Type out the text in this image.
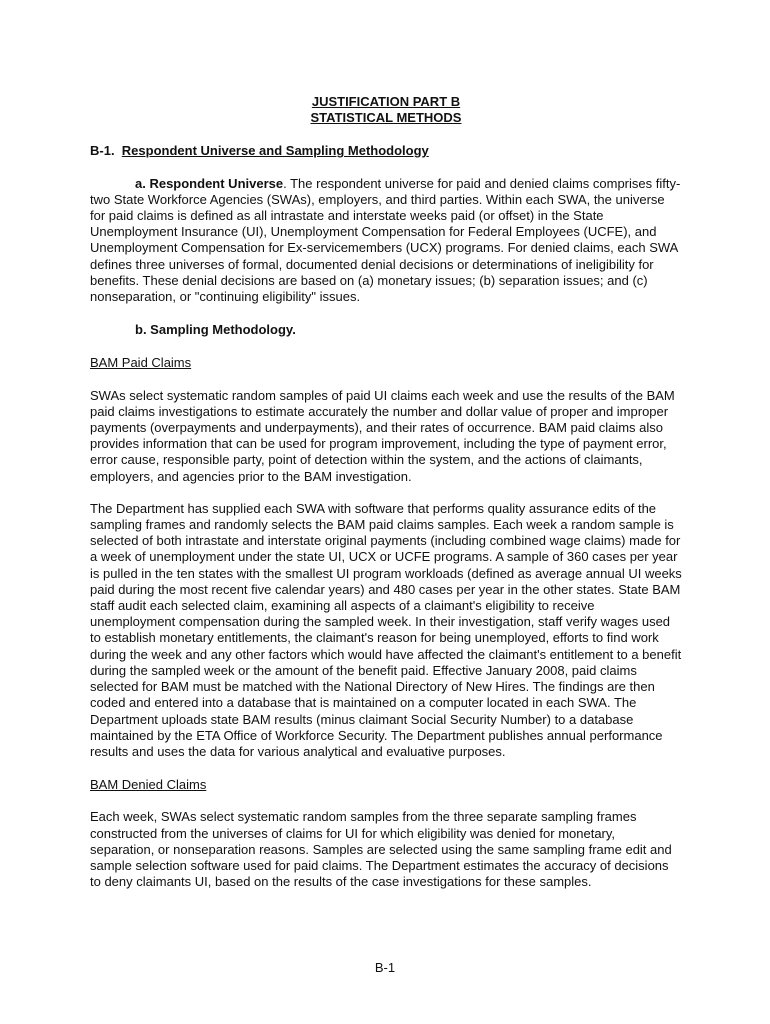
JUSTIFICATION PART B
STATISTICAL METHODS
B-1. Respondent Universe and Sampling Methodology

a. Respondent Universe. The respondent universe for paid and denied claims comprises fifty-two State Workforce Agencies (SWAs), employers, and third parties. Within each SWA, the universe for paid claims is defined as all intrastate and interstate weeks paid (or offset) in the State Unemployment Insurance (UI), Unemployment Compensation for Federal Employees (UCFE), and Unemployment Compensation for Ex-servicemembers (UCX) programs. For denied claims, each SWA defines three universes of formal, documented denial decisions or determinations of ineligibility for benefits. These denial decisions are based on (a) monetary issues; (b) separation issues; and (c) nonseparation, or "continuing eligibility" issues.

b. Sampling Methodology.

BAM Paid Claims

SWAs select systematic random samples of paid UI claims each week and use the results of the BAM paid claims investigations to estimate accurately the number and dollar value of proper and improper payments (overpayments and underpayments), and their rates of occurrence. BAM paid claims also provides information that can be used for program improvement, including the type of payment error, error cause, responsible party, point of detection within the system, and the actions of claimants, employers, and agencies prior to the BAM investigation.

The Department has supplied each SWA with software that performs quality assurance edits of the sampling frames and randomly selects the BAM paid claims samples. Each week a random sample is selected of both intrastate and interstate original payments (including combined wage claims) made for a week of unemployment under the state UI, UCX or UCFE programs. A sample of 360 cases per year is pulled in the ten states with the smallest UI program workloads (defined as average annual UI weeks paid during the most recent five calendar years) and 480 cases per year in the other states. State BAM staff audit each selected claim, examining all aspects of a claimant's eligibility to receive unemployment compensation during the sampled week. In their investigation, staff verify wages used to establish monetary entitlements, the claimant's reason for being unemployed, efforts to find work during the week and any other factors which would have affected the claimant's entitlement to a benefit during the sampled week or the amount of the benefit paid. Effective January 2008, paid claims selected for BAM must be matched with the National Directory of New Hires. The findings are then coded and entered into a database that is maintained on a computer located in each SWA. The Department uploads state BAM results (minus claimant Social Security Number) to a database maintained by the ETA Office of Workforce Security. The Department publishes annual performance results and uses the data for various analytical and evaluative purposes.

BAM Denied Claims

Each week, SWAs select systematic random samples from the three separate sampling frames constructed from the universes of claims for UI for which eligibility was denied for monetary, separation, or nonseparation reasons. Samples are selected using the same sampling frame edit and sample selection software used for paid claims. The Department estimates the accuracy of decisions to deny claimants UI, based on the results of the case investigations for these samples.

B-1
